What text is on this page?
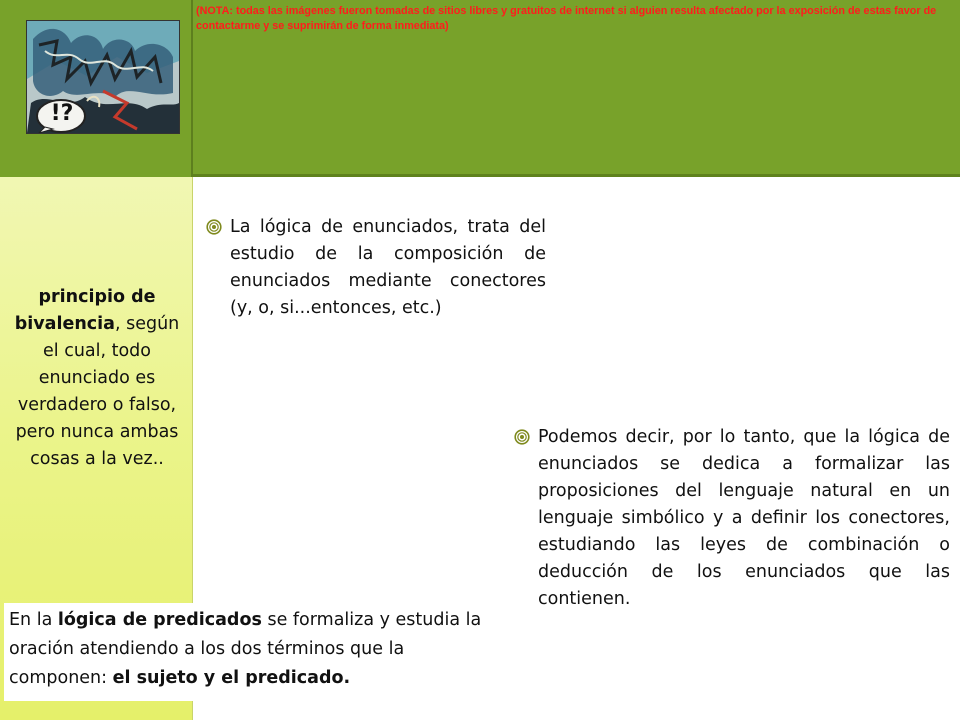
(NOTA: todas las imágenes fueron tomadas de sitios libres y gratuitos de internet si alguien resulta afectado por la exposición de estas favor de contactarme y se suprimirán de forma inmediata)
!?
principio de bivalencia, según el cual, todo enunciado es verdadero o falso, pero nunca ambas cosas a la vez..
La lógica de enunciados, trata del estudio de la composición de enunciados mediante conectores (y, o, si...entonces, etc.)
Podemos decir, por lo tanto, que la lógica de enunciados se dedica a formalizar las proposiciones del lenguaje natural en un lenguaje simbólico y a definir los conectores, estudiando las leyes de combinación o deducción de los enunciados que las contienen.
En la lógica de predicados se formaliza y estudia la oración atendiendo a los dos términos que la componen: el sujeto y el predicado.
